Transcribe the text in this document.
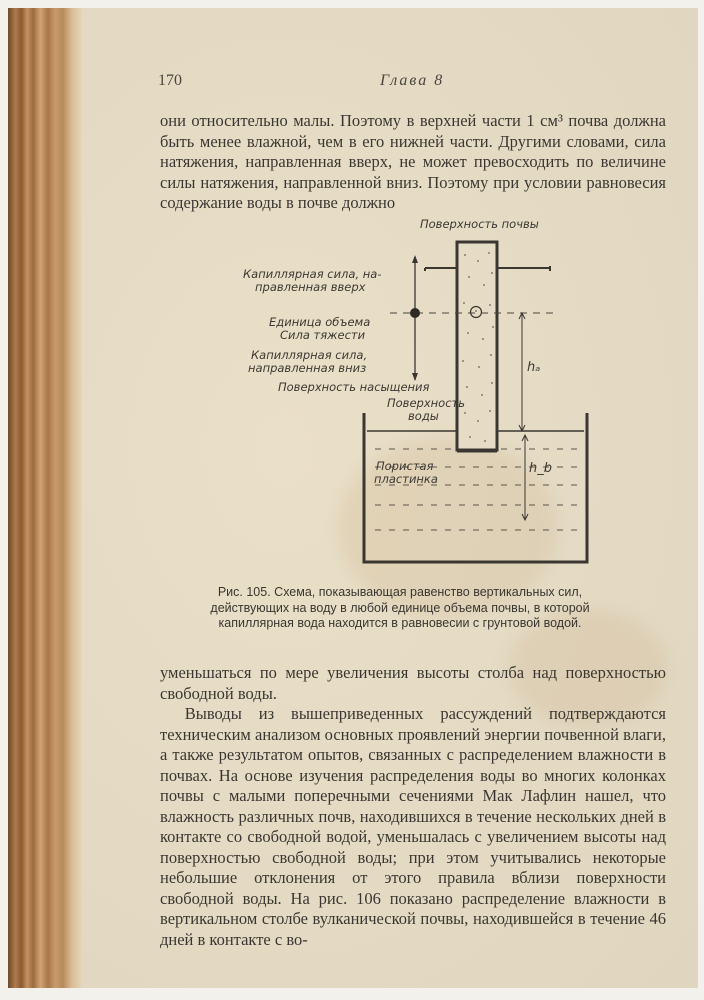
170	Глава 8

они относительно малы. Поэтому в верхней части 1 см³ почва должна быть менее влажной, чем в его нижней части. Другими словами, сила натяжения, направленная вверх, не может превосходить по величине силы натяжения, направленной вниз. Поэтому при условии равновесия содержание воды в почве должно

Поверхность почвы
Капиллярная сила, на-
правленная вверх
Единица объема
Сила тяжести
Капиллярная сила,
направленная вниз
Поверхность насыщения
Поверхность
воды
Пористая
пластинка
hₐ
h_b
Рис. 105. Схема, показывающая равенство вертикальных сил, действующих на воду в любой единице объема почвы, в которой капиллярная вода находится в равновесии с грунтовой водой.

уменьшаться по мере увеличения высоты столба над поверхностью свободной воды.

Выводы из вышеприведенных рассуждений подтверждаются техническим анализом основных проявлений энергии почвенной влаги, а также результатом опытов, связанных с распределением влажности в почвах. На основе изучения распределения воды во многих колонках почвы с малыми поперечными сечениями Мак Лафлин нашел, что влажность различных почв, находившихся в течение нескольких дней в контакте со свободной водой, уменьшалась с увеличением высоты над поверхностью свободной воды; при этом учитывались некоторые небольшие отклонения от этого правила вблизи поверхности свободной воды. На рис. 106 показано распределение влажности в вертикальном столбе вулканической почвы, находившейся в течение 46 дней в контакте с во-
